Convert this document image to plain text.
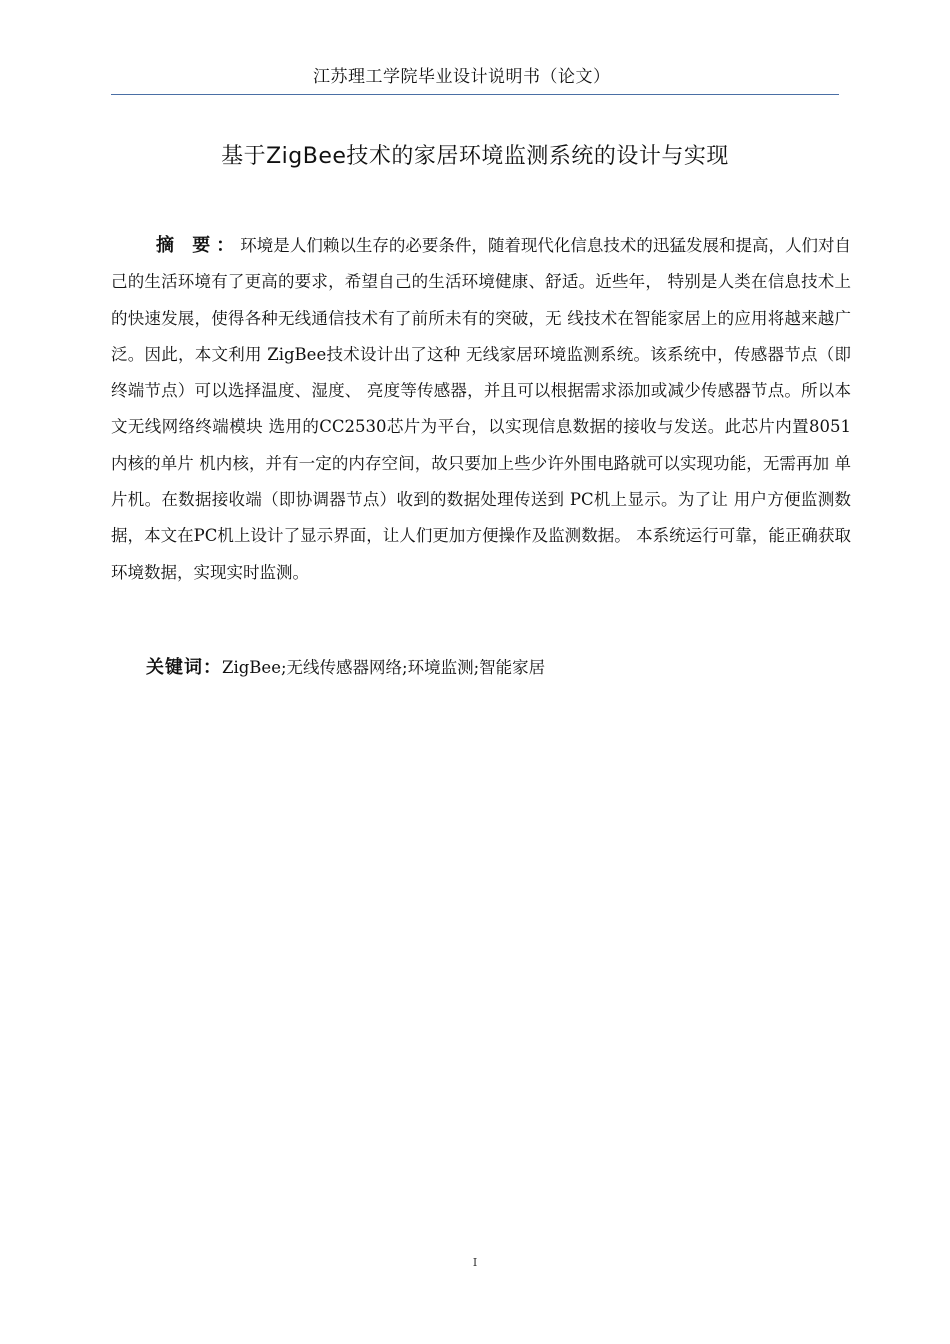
江苏理工学院毕业设计说明书（论文）
基于ZigBee技术的家居环境监测系统的设计与实现

摘 要：环境是人们赖以生存的必要条件，随着现代化信息技术的迅猛发展和提高，人们对自己的生活环境有了更高的要求，希望自己的生活环境健康、舒适。近些年， 特别是人类在信息技术上的快速发展，使得各种无线通信技术有了前所未有的突破，无 线技术在智能家居上的应用将越来越广泛。因此，本文利用 ZigBee技术设计出了这种 无线家居环境监测系统。该系统中，传感器节点（即终端节点）可以选择温度、湿度、 亮度等传感器，并且可以根据需求添加或减少传感器节点。所以本文无线网络终端模块 选用的CC2530芯片为平台，以实现信息数据的接收与发送。此芯片内置8051内核的单片 机内核，并有一定的内存空间，故只要加上些少许外围电路就可以实现功能，无需再加 单片机。在数据接收端（即协调器节点）收到的数据处理传送到 PC机上显示。为了让 用户方便监测数据，本文在PC机上设计了显示界面，让人们更加方便操作及监测数据。 本系统运行可靠，能正确获取环境数据，实现实时监测。

关键词：ZigBee;无线传感器网络;环境监测;智能家居
I
